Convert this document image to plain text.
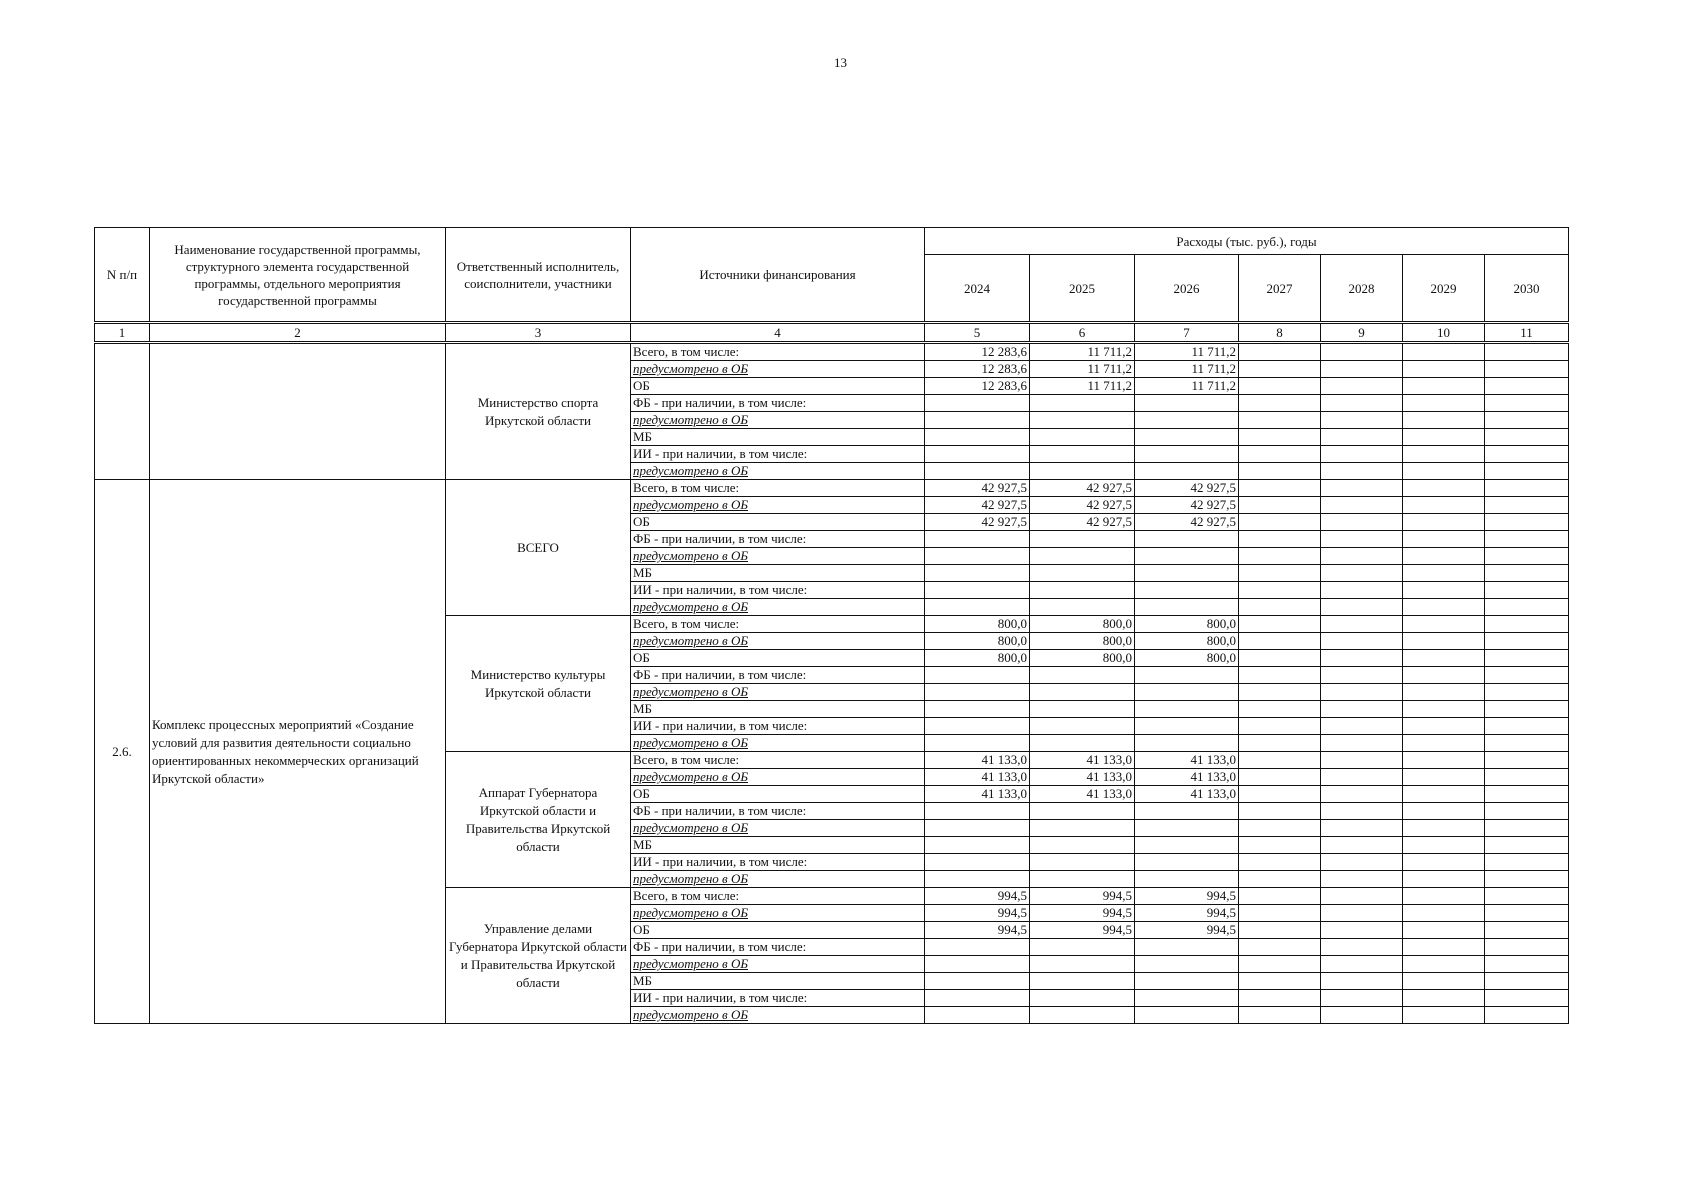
13
N п/п	Наименование государственной программы, структурного элемента государственной программы, отдельного мероприятия государственной программы	Ответственный исполнитель, соисполнители, участники	Источники финансирования	Расходы (тыс. руб.), годы						
				2024	2025	2026	2027	2028	2029	2030
1	2	3	4	5	6	7	8	9	10	11
		Министерство спорта Иркутской области	Всего, в том числе:	12 283,6	11 711,2	11 711,2				
			предусмотрено в ОБ	12 283,6	11 711,2	11 711,2				
			ОБ	12 283,6	11 711,2	11 711,2				
			ФБ - при наличии, в том числе:							
			предусмотрено в ОБ							
			МБ							
			ИИ - при наличии, в том числе:							
			предусмотрено в ОБ							
2.6.	Комплекс процессных мероприятий «Создание условий для развития деятельности социально ориентированных некоммерческих организаций Иркутской области»	ВСЕГО	Всего, в том числе:	42 927,5	42 927,5	42 927,5				
			предусмотрено в ОБ	42 927,5	42 927,5	42 927,5				
			ОБ	42 927,5	42 927,5	42 927,5				
			ФБ - при наличии, в том числе:							
			предусмотрено в ОБ							
			МБ							
			ИИ - при наличии, в том числе:							
			предусмотрено в ОБ							
		Министерство культуры Иркутской области	Всего, в том числе:	800,0	800,0	800,0				
			предусмотрено в ОБ	800,0	800,0	800,0				
			ОБ	800,0	800,0	800,0				
			ФБ - при наличии, в том числе:							
			предусмотрено в ОБ							
			МБ							
			ИИ - при наличии, в том числе:							
			предусмотрено в ОБ							
		Аппарат Губернатора Иркутской области и Правительства Иркутской области	Всего, в том числе:	41 133,0	41 133,0	41 133,0				
			предусмотрено в ОБ	41 133,0	41 133,0	41 133,0				
			ОБ	41 133,0	41 133,0	41 133,0				
			ФБ - при наличии, в том числе:							
			предусмотрено в ОБ							
			МБ							
			ИИ - при наличии, в том числе:							
			предусмотрено в ОБ							
		Управление делами Губернатора Иркутской области и Правительства Иркутской области	Всего, в том числе:	994,5	994,5	994,5				
			предусмотрено в ОБ	994,5	994,5	994,5				
			ОБ	994,5	994,5	994,5				
			ФБ - при наличии, в том числе:							
			предусмотрено в ОБ							
			МБ							
			ИИ - при наличии, в том числе:							
			предусмотрено в ОБ							
